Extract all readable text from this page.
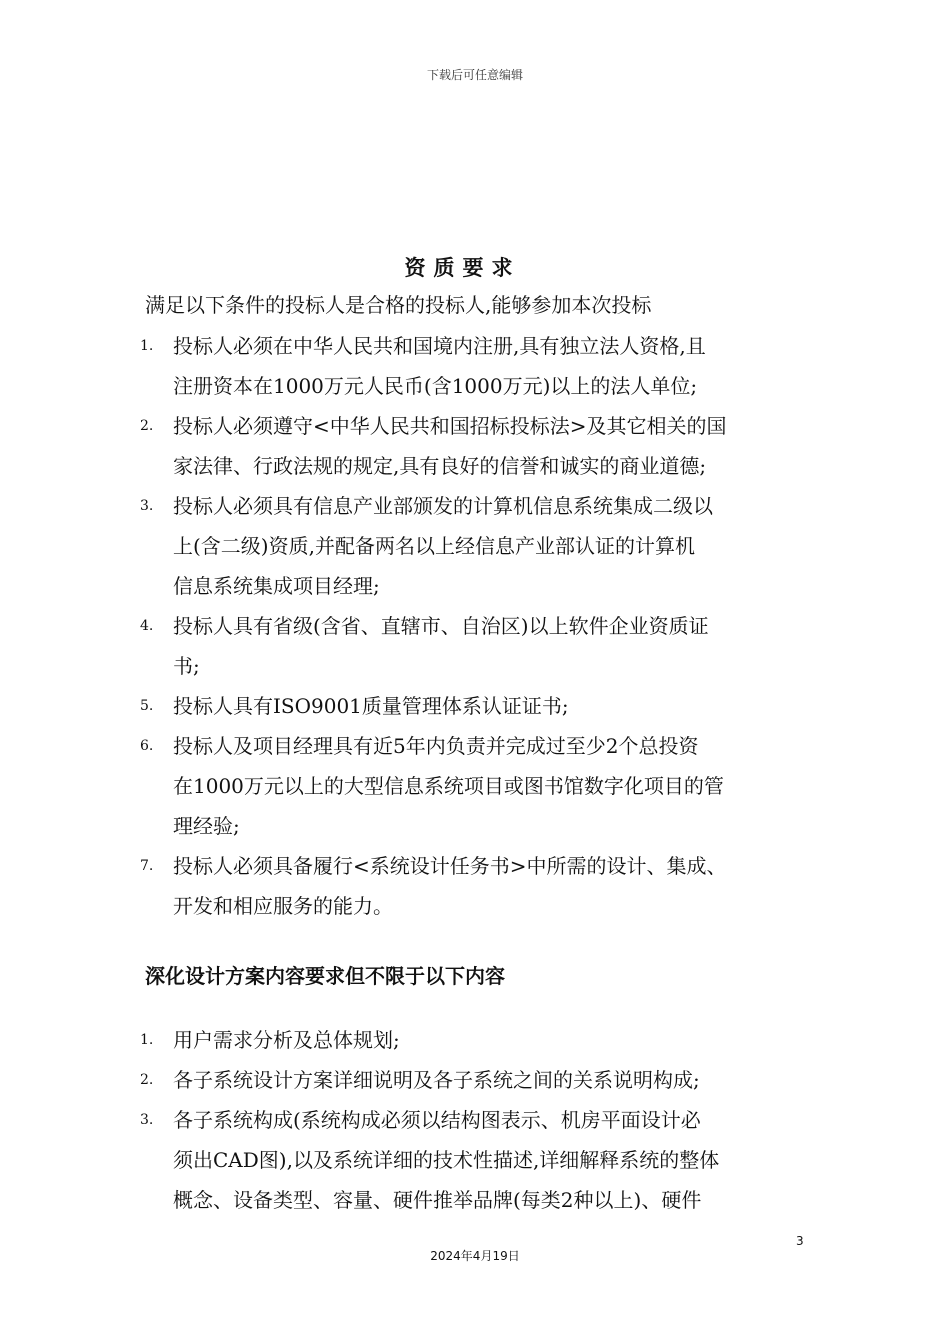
下载后可任意编辑
资质要求
满足以下条件的投标人是合格的投标人,能够参加本次投标
1. 投标人必须在中华人民共和国境内注册,具有独立法人资格,且
注册资本在1000万元人民币(含1000万元)以上的法人单位;
2. 投标人必须遵守<中华人民共和国招标投标法>及其它相关的国
家法律、行政法规的规定,具有良好的信誉和诚实的商业道德;
3. 投标人必须具有信息产业部颁发的计算机信息系统集成二级以
上(含二级)资质,并配备两名以上经信息产业部认证的计算机
信息系统集成项目经理;
4. 投标人具有省级(含省、直辖市、自治区)以上软件企业资质证
书;
5. 投标人具有ISO9001质量管理体系认证证书;
6. 投标人及项目经理具有近5年内负责并完成过至少2个总投资
在1000万元以上的大型信息系统项目或图书馆数字化项目的管
理经验;
7. 投标人必须具备履行<系统设计任务书>中所需的设计、集成、
开发和相应服务的能力。
深化设计方案内容要求但不限于以下内容
1. 用户需求分析及总体规划;
2. 各子系统设计方案详细说明及各子系统之间的关系说明构成;
3. 各子系统构成(系统构成必须以结构图表示、机房平面设计必
须出CAD图),以及系统详细的技术性描述,详细解释系统的整体
概念、设备类型、容量、硬件推举品牌(每类2种以上)、硬件
3
2024年4月19日
